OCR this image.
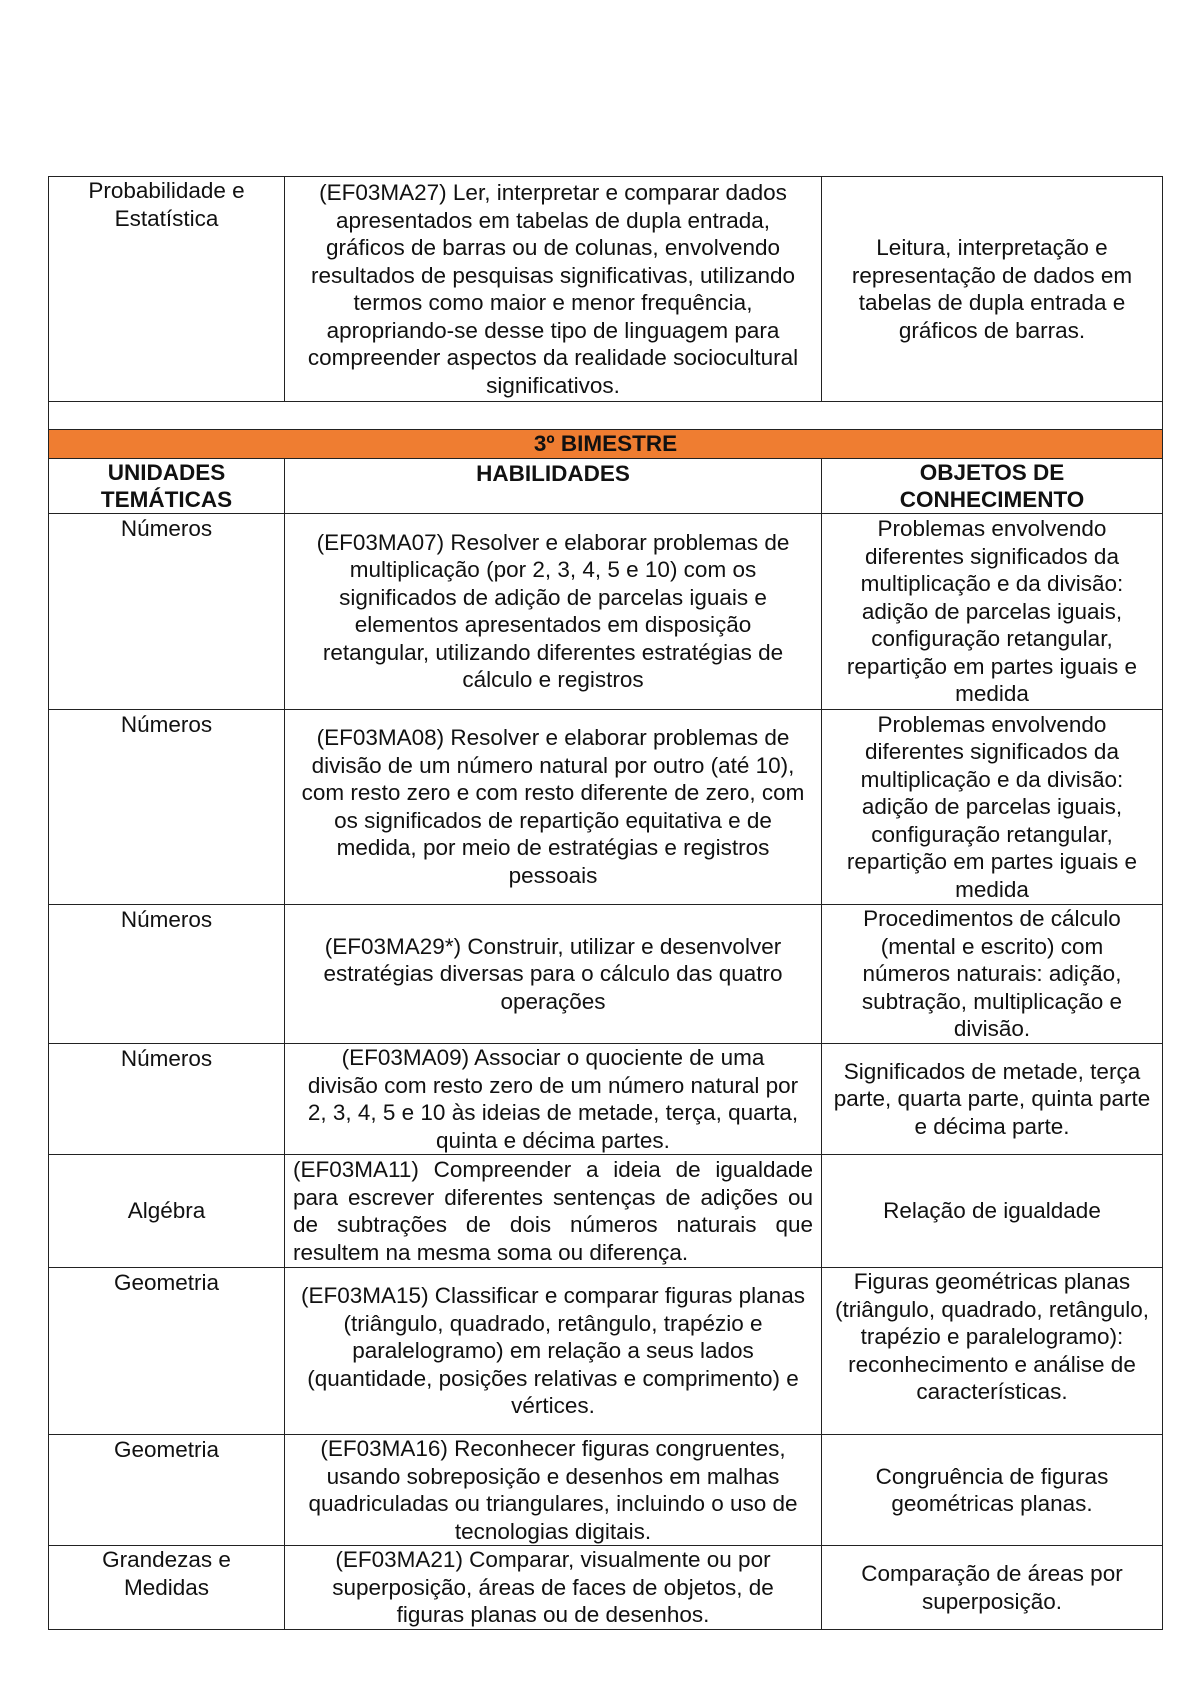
Probabilidade e Estatística	(EF03MA27) Ler, interpretar e comparar dados apresentados em tabelas de dupla entrada, gráficos de barras ou de colunas, envolvendo resultados de pesquisas significativas, utilizando termos como maior e menor frequência, apropriando-se desse tipo de linguagem para compreender aspectos da realidade sociocultural significativos.	Leitura, interpretação e representação de dados em tabelas de dupla entrada e gráficos de barras.

3º BIMESTRE		
UNIDADES TEMÁTICAS	HABILIDADES	OBJETOS DE CONHECIMENTO
Números	(EF03MA07) Resolver e elaborar problemas de multiplicação (por 2, 3, 4, 5 e 10) com os significados de adição de parcelas iguais e elementos apresentados em disposição retangular, utilizando diferentes estratégias de cálculo e registros	Problemas envolvendo diferentes significados da multiplicação e da divisão: adição de parcelas iguais, configuração retangular, repartição em partes iguais e medida
Números	(EF03MA08) Resolver e elaborar problemas de divisão de um número natural por outro (até 10), com resto zero e com resto diferente de zero, com os significados de repartição equitativa e de medida, por meio de estratégias e registros pessoais	Problemas envolvendo diferentes significados da multiplicação e da divisão: adição de parcelas iguais, configuração retangular, repartição em partes iguais e medida
Números	(EF03MA29*) Construir, utilizar e desenvolver estratégias diversas para o cálculo das quatro operações	Procedimentos de cálculo (mental e escrito) com números naturais: adição, subtração, multiplicação e divisão.
Números	(EF03MA09) Associar o quociente de uma divisão com resto zero de um número natural por 2, 3, 4, 5 e 10 às ideias de metade, terça, quarta, quinta e décima partes.	Significados de metade, terça parte, quarta parte, quinta parte e décima parte.
Algébra	(EF03MA11) Compreender a ideia de igualdade para escrever diferentes sentenças de adições ou de subtrações de dois números naturais que resultem na mesma soma ou diferença.	Relação de igualdade
Geometria	(EF03MA15) Classificar e comparar figuras planas (triângulo, quadrado, retângulo, trapézio e paralelogramo) em relação a seus lados (quantidade, posições relativas e comprimento) e vértices.	Figuras geométricas planas (triângulo, quadrado, retângulo, trapézio e paralelogramo): reconhecimento e análise de características.
Geometria	(EF03MA16) Reconhecer figuras congruentes, usando sobreposição e desenhos em malhas quadriculadas ou triangulares, incluindo o uso de tecnologias digitais.	Congruência de figuras geométricas planas.
Grandezas e Medidas	(EF03MA21) Comparar, visualmente ou por superposição, áreas de faces de objetos, de figuras planas ou de desenhos.	Comparação de áreas por superposição.
